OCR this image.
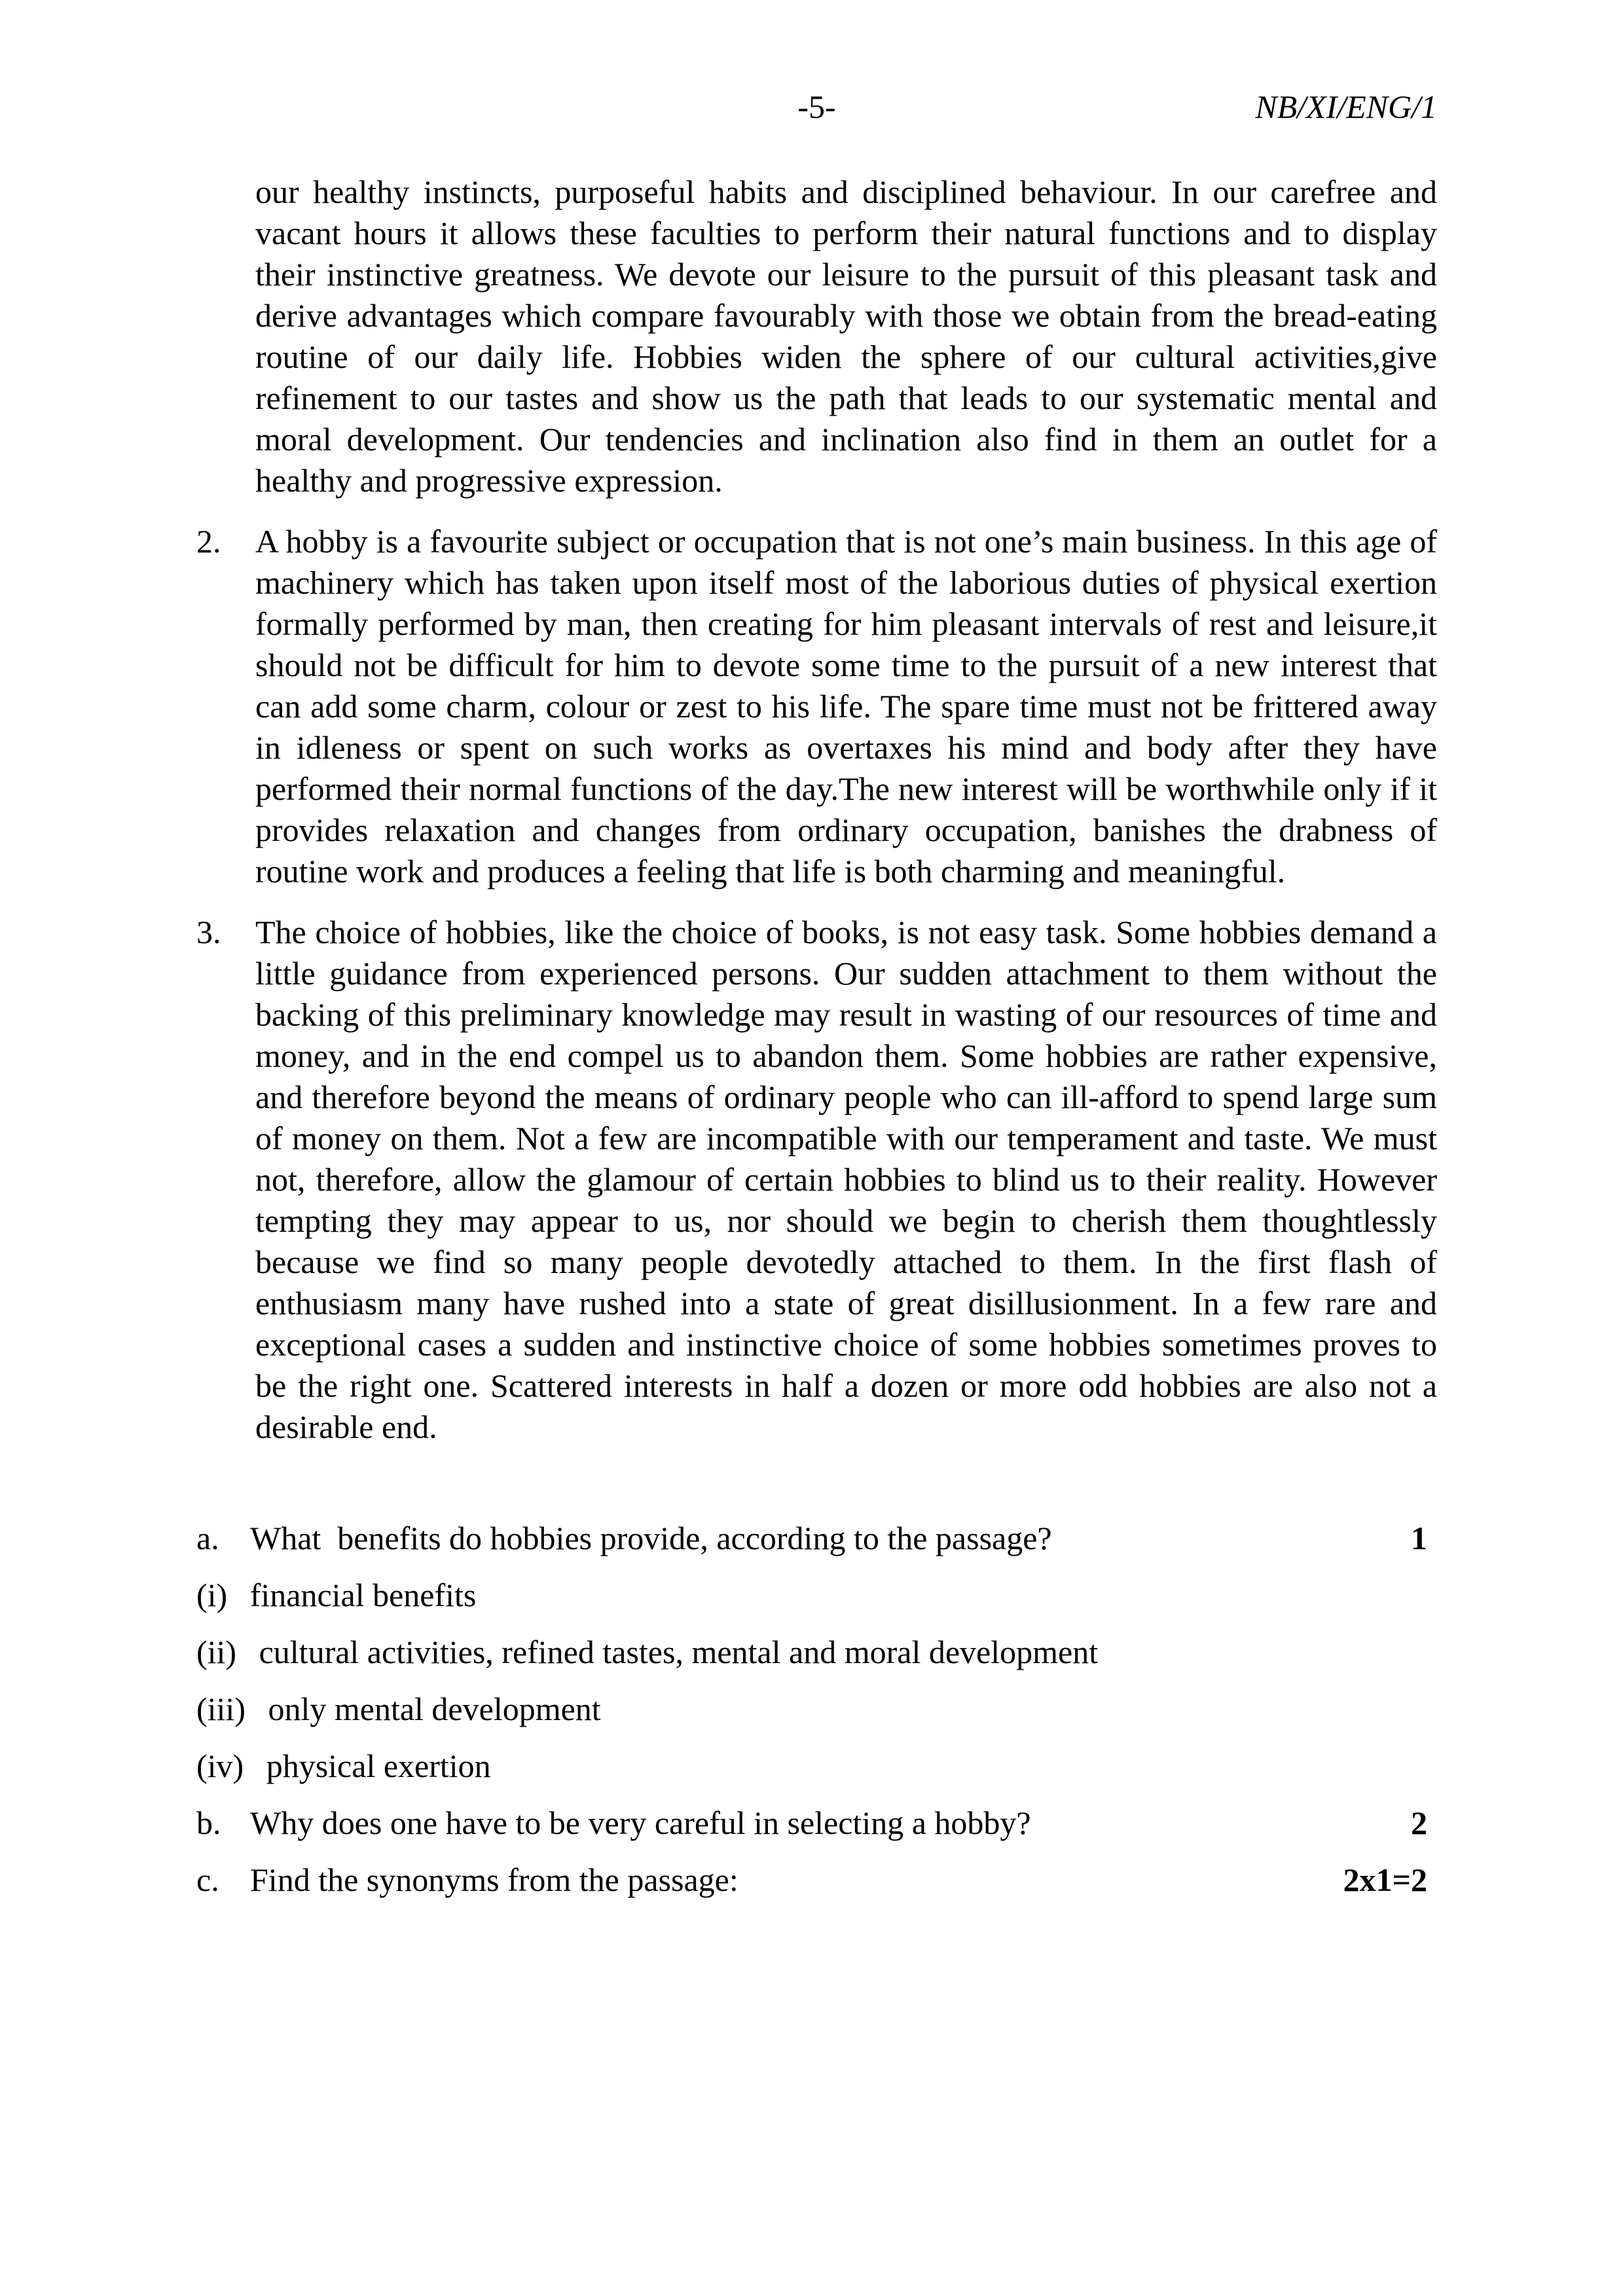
-5-	NB/XI/ENG/1
our healthy instincts, purposeful habits and disciplined behaviour. In our carefree and vacant hours it allows these faculties to perform their natural functions and to display their instinctive greatness. We devote our leisure to the pursuit of this pleasant task and derive advantages which compare favourably with those we obtain from the bread-eating routine of our daily life. Hobbies widen the sphere of our cultural activities,give refinement to our tastes and show us the path that leads to our systematic mental and moral development. Our tendencies and inclination also find in them an outlet for a healthy and progressive expression.
2. A hobby is a favourite subject or occupation that is not one’s main business. In this age of machinery which has taken upon itself most of the laborious duties of physical exertion formally performed by man, then creating for him pleasant intervals of rest and leisure,it should not be difficult for him to devote some time to the pursuit of a new interest that can add some charm, colour or zest to his life. The spare time must not be frittered away in idleness or spent on such works as overtaxes his mind and body after they have performed their normal functions of the day.The new interest will be worthwhile only if it provides relaxation and changes from ordinary occupation, banishes the drabness of routine work and produces a feeling that life is both charming and meaningful.
3. The choice of hobbies, like the choice of books, is not easy task. Some hobbies demand a little guidance from experienced persons. Our sudden attachment to them without the backing of this preliminary knowledge may result in wasting of our resources of time and money, and in the end compel us to abandon them. Some hobbies are rather expensive, and therefore beyond the means of ordinary people who can ill-afford to spend large sum of money on them. Not a few are incompatible with our temperament and taste. We must not, therefore, allow the glamour of certain hobbies to blind us to their reality. However tempting they may appear to us, nor should we begin to cherish them thoughtlessly because we find so many people devotedly attached to them. In the first flash of enthusiasm many have rushed into a state of great disillusionment. In a few rare and exceptional cases a sudden and instinctive choice of some hobbies sometimes proves to be the right one. Scattered interests in half a dozen or more odd hobbies are also not a desirable end.
a. What  benefits do hobbies provide, according to the passage?	1
(i) financial benefits
(ii) cultural activities, refined tastes, mental and moral development
(iii) only mental development
(iv) physical exertion
b. Why does one have to be very careful in selecting a hobby?	2
c. Find the synonyms from the passage:	2x1=2
